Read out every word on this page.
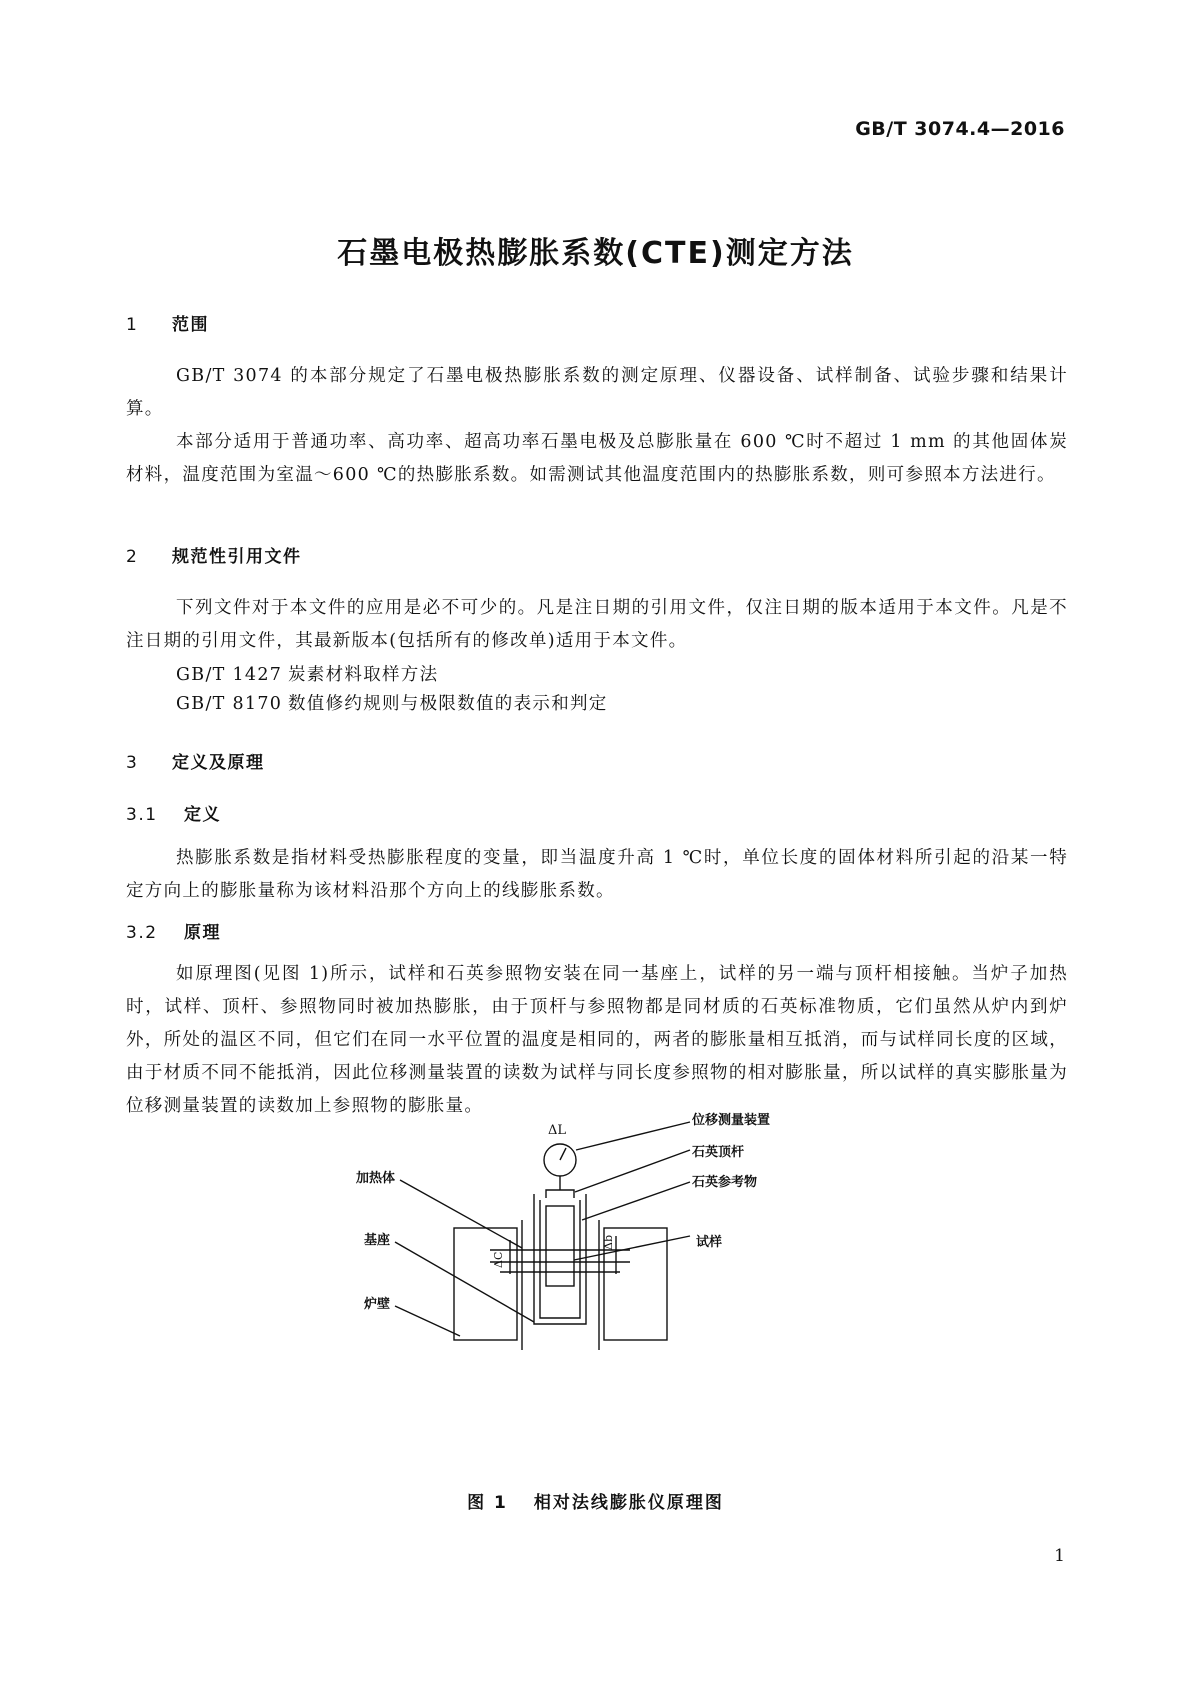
GB/T 3074.4—2016
石墨电极热膨胀系数(CTE)测定方法
1 范围

GB/T 3074 的本部分规定了石墨电极热膨胀系数的测定原理、仪器设备、试样制备、试验步骤和结果计算。

本部分适用于普通功率、高功率、超高功率石墨电极及总膨胀量在 600 ℃时不超过 1 mm 的其他固体炭材料，温度范围为室温～600 ℃的热膨胀系数。如需测试其他温度范围内的热膨胀系数，则可参照本方法进行。

2 规范性引用文件

下列文件对于本文件的应用是必不可少的。凡是注日期的引用文件，仅注日期的版本适用于本文件。凡是不注日期的引用文件，其最新版本(包括所有的修改单)适用于本文件。

GB/T 1427 炭素材料取样方法
GB/T 8170 数值修约规则与极限数值的表示和判定
3 定义及原理
3.1 定义

热膨胀系数是指材料受热膨胀程度的变量，即当温度升高 1 ℃时，单位长度的固体材料所引起的沿某一特定方向上的膨胀量称为该材料沿那个方向上的线膨胀系数。

3.2 原理

如原理图(见图 1)所示，试样和石英参照物安装在同一基座上，试样的另一端与顶杆相接触。当炉子加热时，试样、顶杆、参照物同时被加热膨胀，由于顶杆与参照物都是同材质的石英标准物质，它们虽然从炉内到炉外，所处的温区不同，但它们在同一水平位置的温度是相同的，两者的膨胀量相互抵消，而与试样同长度的区域，由于材质不同不能抵消，因此位移测量装置的读数为试样与同长度参照物的相对膨胀量，所以试样的真实膨胀量为位移测量装置的读数加上参照物的膨胀量。

ΔL
位移测量装置
石英顶杆
石英参考物
加热体
基座
炉壁
试样
ΔC
Δb
图 1 相对法线膨胀仪原理图
1
